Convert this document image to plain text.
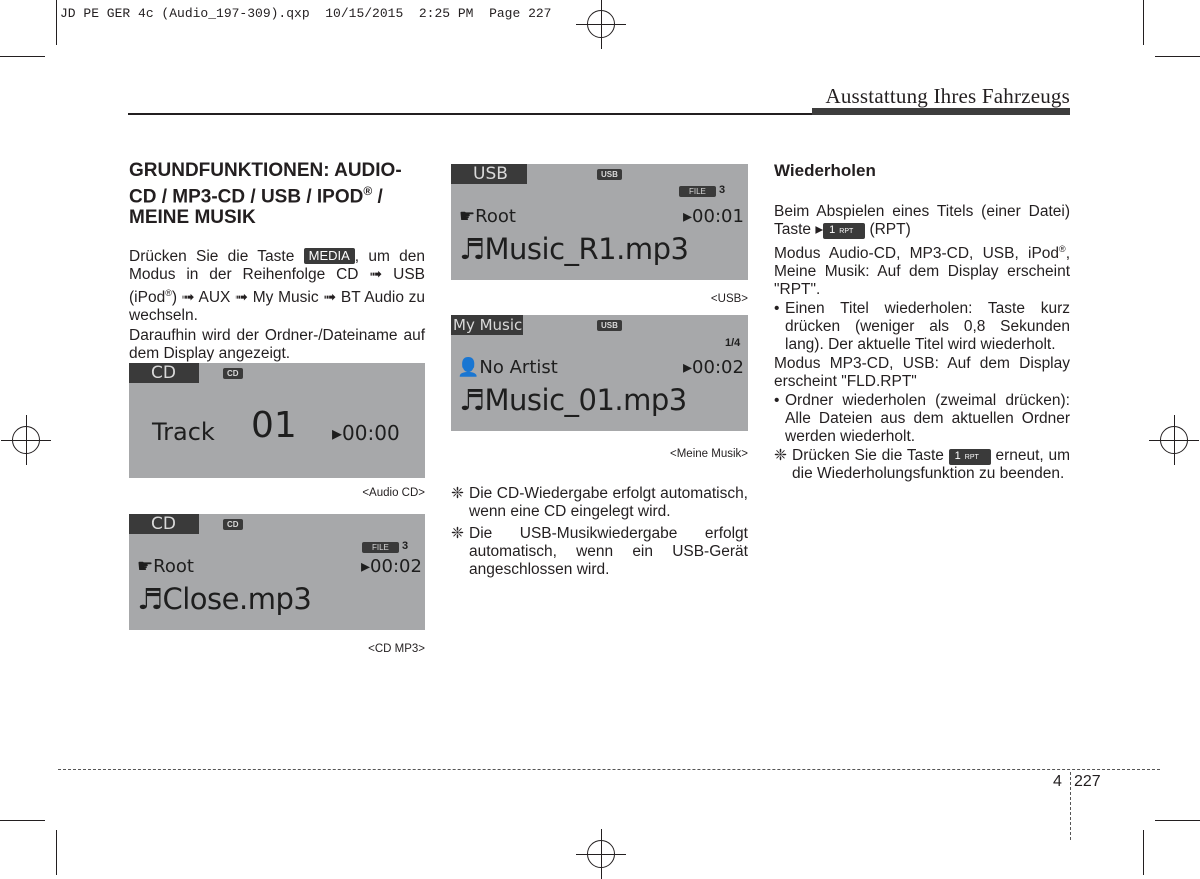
JD PE GER 4c (Audio_197-309).qxp  10/15/2015  2:25 PM  Page 227
Ausstattung Ihres Fahrzeugs
GRUNDFUNKTIONEN: AUDIO-CD / MP3-CD / USB / IPOD® / MEINE MUSIK

Drücken Sie die Taste MEDIA , um den Modus in der Reihenfolge CD ➟ USB (iPod®) ➟ AUX ➟ My Music ➟ BT Audio zu wechseln.

Daraufhin wird der Ordner-/Dateiname auf dem Display angezeigt.

CD	CD
Track 01 ▸00:00
<Audio CD>
CD	CD
FILE	3
☛Root	▸00:02
♬Close.mp3
<CD MP3>
USB	USB
FILE	3
☛Root	▸00:01
♬Music_R1.mp3
<USB>
My Music	USB
1/4
👤No Artist	▸00:02
♬Music_01.mp3
<Meine Musik>

❈ Die CD-Wiedergabe erfolgt automatisch, wenn eine CD eingelegt wird.

❈ Die USB-Musikwiedergabe erfolgt automatisch, wenn ein USB-Gerät angeschlossen wird.

Wiederholen

Beim Abspielen eines Titels (einer Datei) Taste ▸ 1 RPT (RPT)

Modus Audio-CD, MP3-CD, USB, iPod®, Meine Musik: Auf dem Display erscheint "RPT".

• Einen Titel wiederholen: Taste kurz drücken (weniger als 0,8 Sekunden lang). Der aktuelle Titel wird wiederholt.

Modus MP3-CD, USB: Auf dem Display erscheint "FLD.RPT"

• Ordner wiederholen (zweimal drücken): Alle Dateien aus dem aktuellen Ordner werden wiederholt.

❈ Drücken Sie die Taste 1 RPT erneut, um die Wiederholungsfunktion zu beenden.

4 227
